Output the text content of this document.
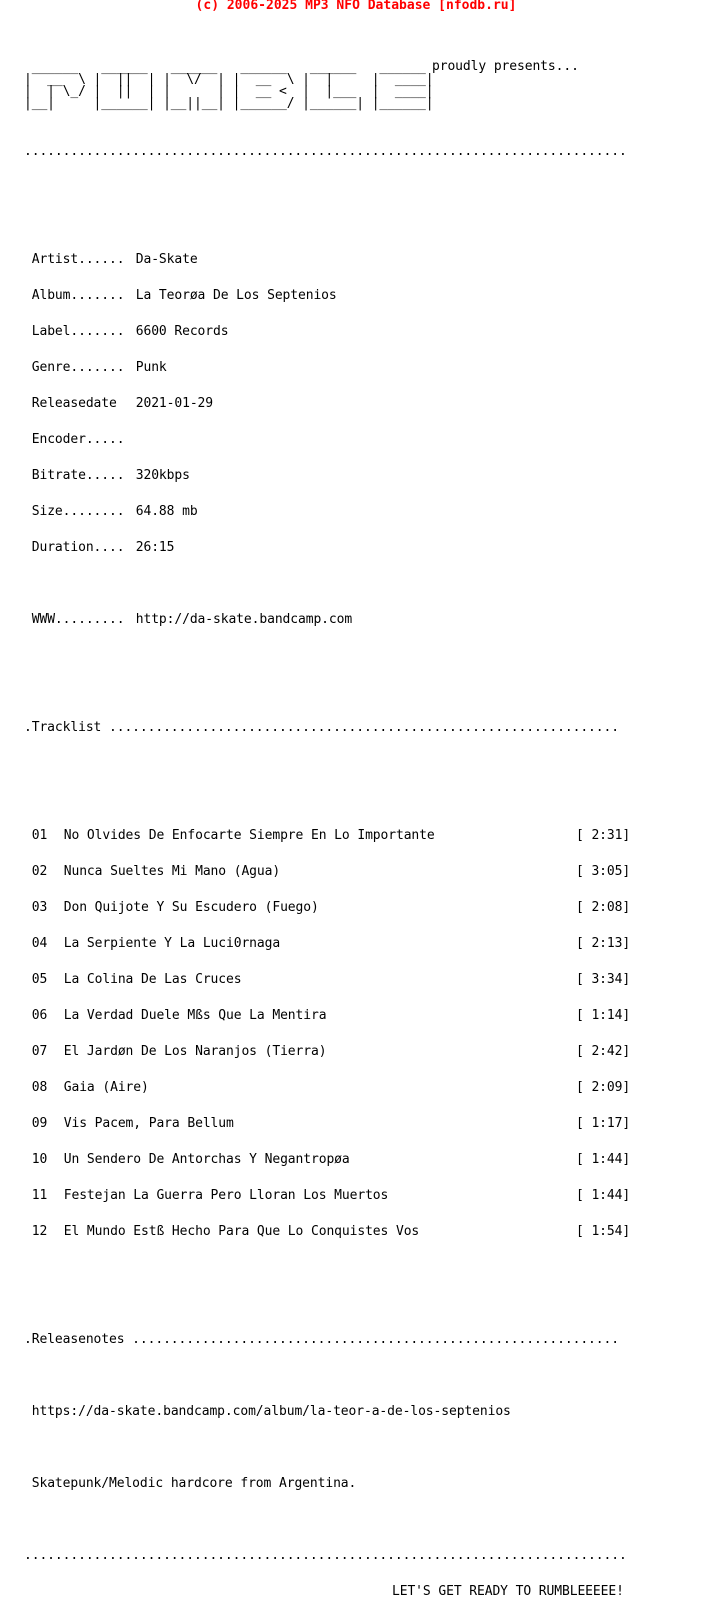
(c) 2006-2025 MP3 NFO Database [nfodb.ru]

______   ______   ______   ______   ______   ______
|  __  \ |  ||  | |  \/  | |  __  \ |  |     |  ____|
|  | \_/ |  ||  | |      | |  __ <  |  |___  |  ____|
|__|     |______| |__||__| |______/ |______| |______|

proudly presents...

..............................................................................

Artist...... Da-Skate

Album....... La Teorøa De Los Septenios

Label....... 6600 Records

Genre....... Punk

Releasedate 2021-01-29

Encoder.....

Bitrate..... 320kbps

Size........ 64.88 mb

Duration.... 26:15

WWW......... http://da-skate.bandcamp.com

.Tracklist ..................................................................

01 No Olvides De Enfocarte Siempre En Lo Importante	[ 2:31]

02 Nunca Sueltes Mi Mano (Agua)	[ 3:05]

03 Don Quijote Y Su Escudero (Fuego)	[ 2:08]

04 La Serpiente Y La Luci0rnaga	[ 2:13]

05 La Colina De Las Cruces	[ 3:34]

06 La Verdad Duele Mßs Que La Mentira	[ 1:14]

07 El Jardøn De Los Naranjos (Tierra)	[ 2:42]

08 Gaia (Aire)	[ 2:09]

09 Vis Pacem, Para Bellum	[ 1:17]

10 Un Sendero De Antorchas Y Negantropøa	[ 1:44]

11 Festejan La Guerra Pero Lloran Los Muertos	[ 1:44]

12 El Mundo Estß Hecho Para Que Lo Conquistes Vos	[ 1:54]

.Releasenotes ...............................................................

https://da-skate.bandcamp.com/album/la-teor-a-de-los-septenios

Skatepunk/Melodic hardcore from Argentina.

..............................................................................

LET'S GET READY TO RUMBLEEEEE!
